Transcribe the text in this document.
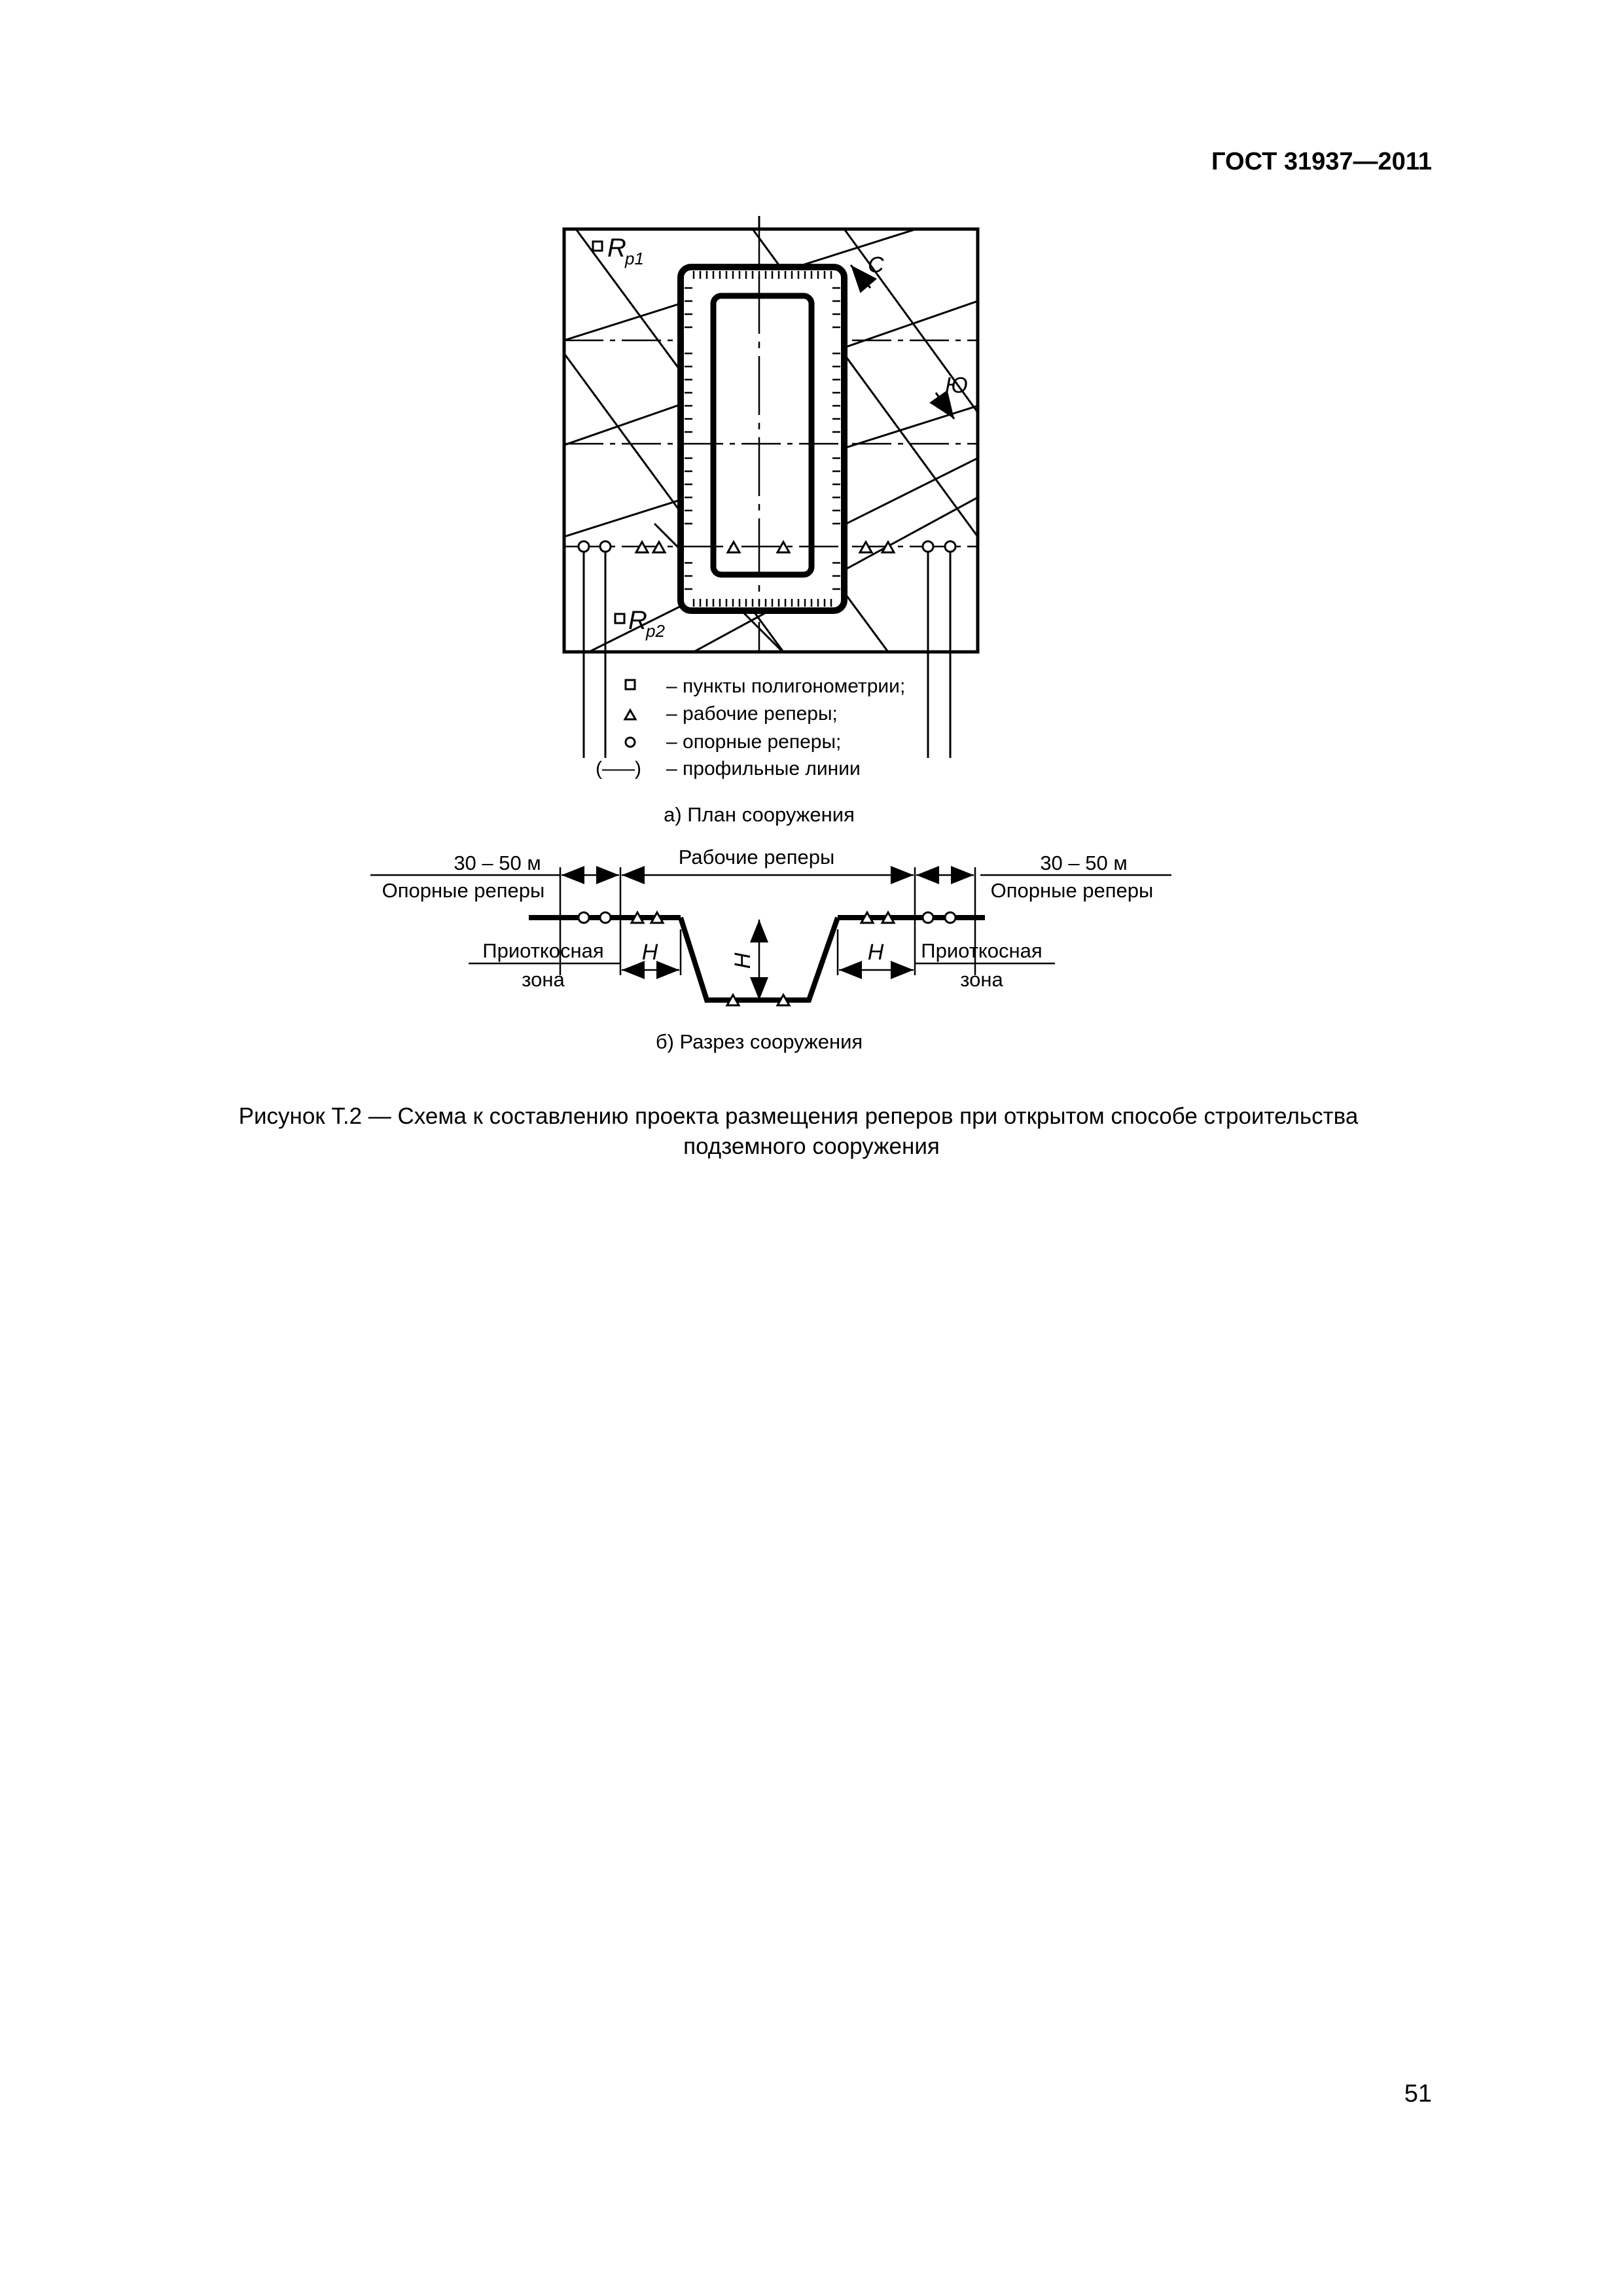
ГОСТ 31937—2011
R
p1
R
p2
С
Ю
– пункты полигонометрии;
– рабочие реперы;
– опорные реперы;
(–––) – профильные линии
а) План сооружения
30 – 50 м
Опорные реперы
Рабочие реперы	30 – 50 м
Опорные реперы
Приоткосная
зона
Приоткосная
зона
H	H
H
б) Разрез сооружения
Рисунок Т.2 — Схема к составлению проекта размещения реперов при открытом способе строительства
подземного сооружения
51
